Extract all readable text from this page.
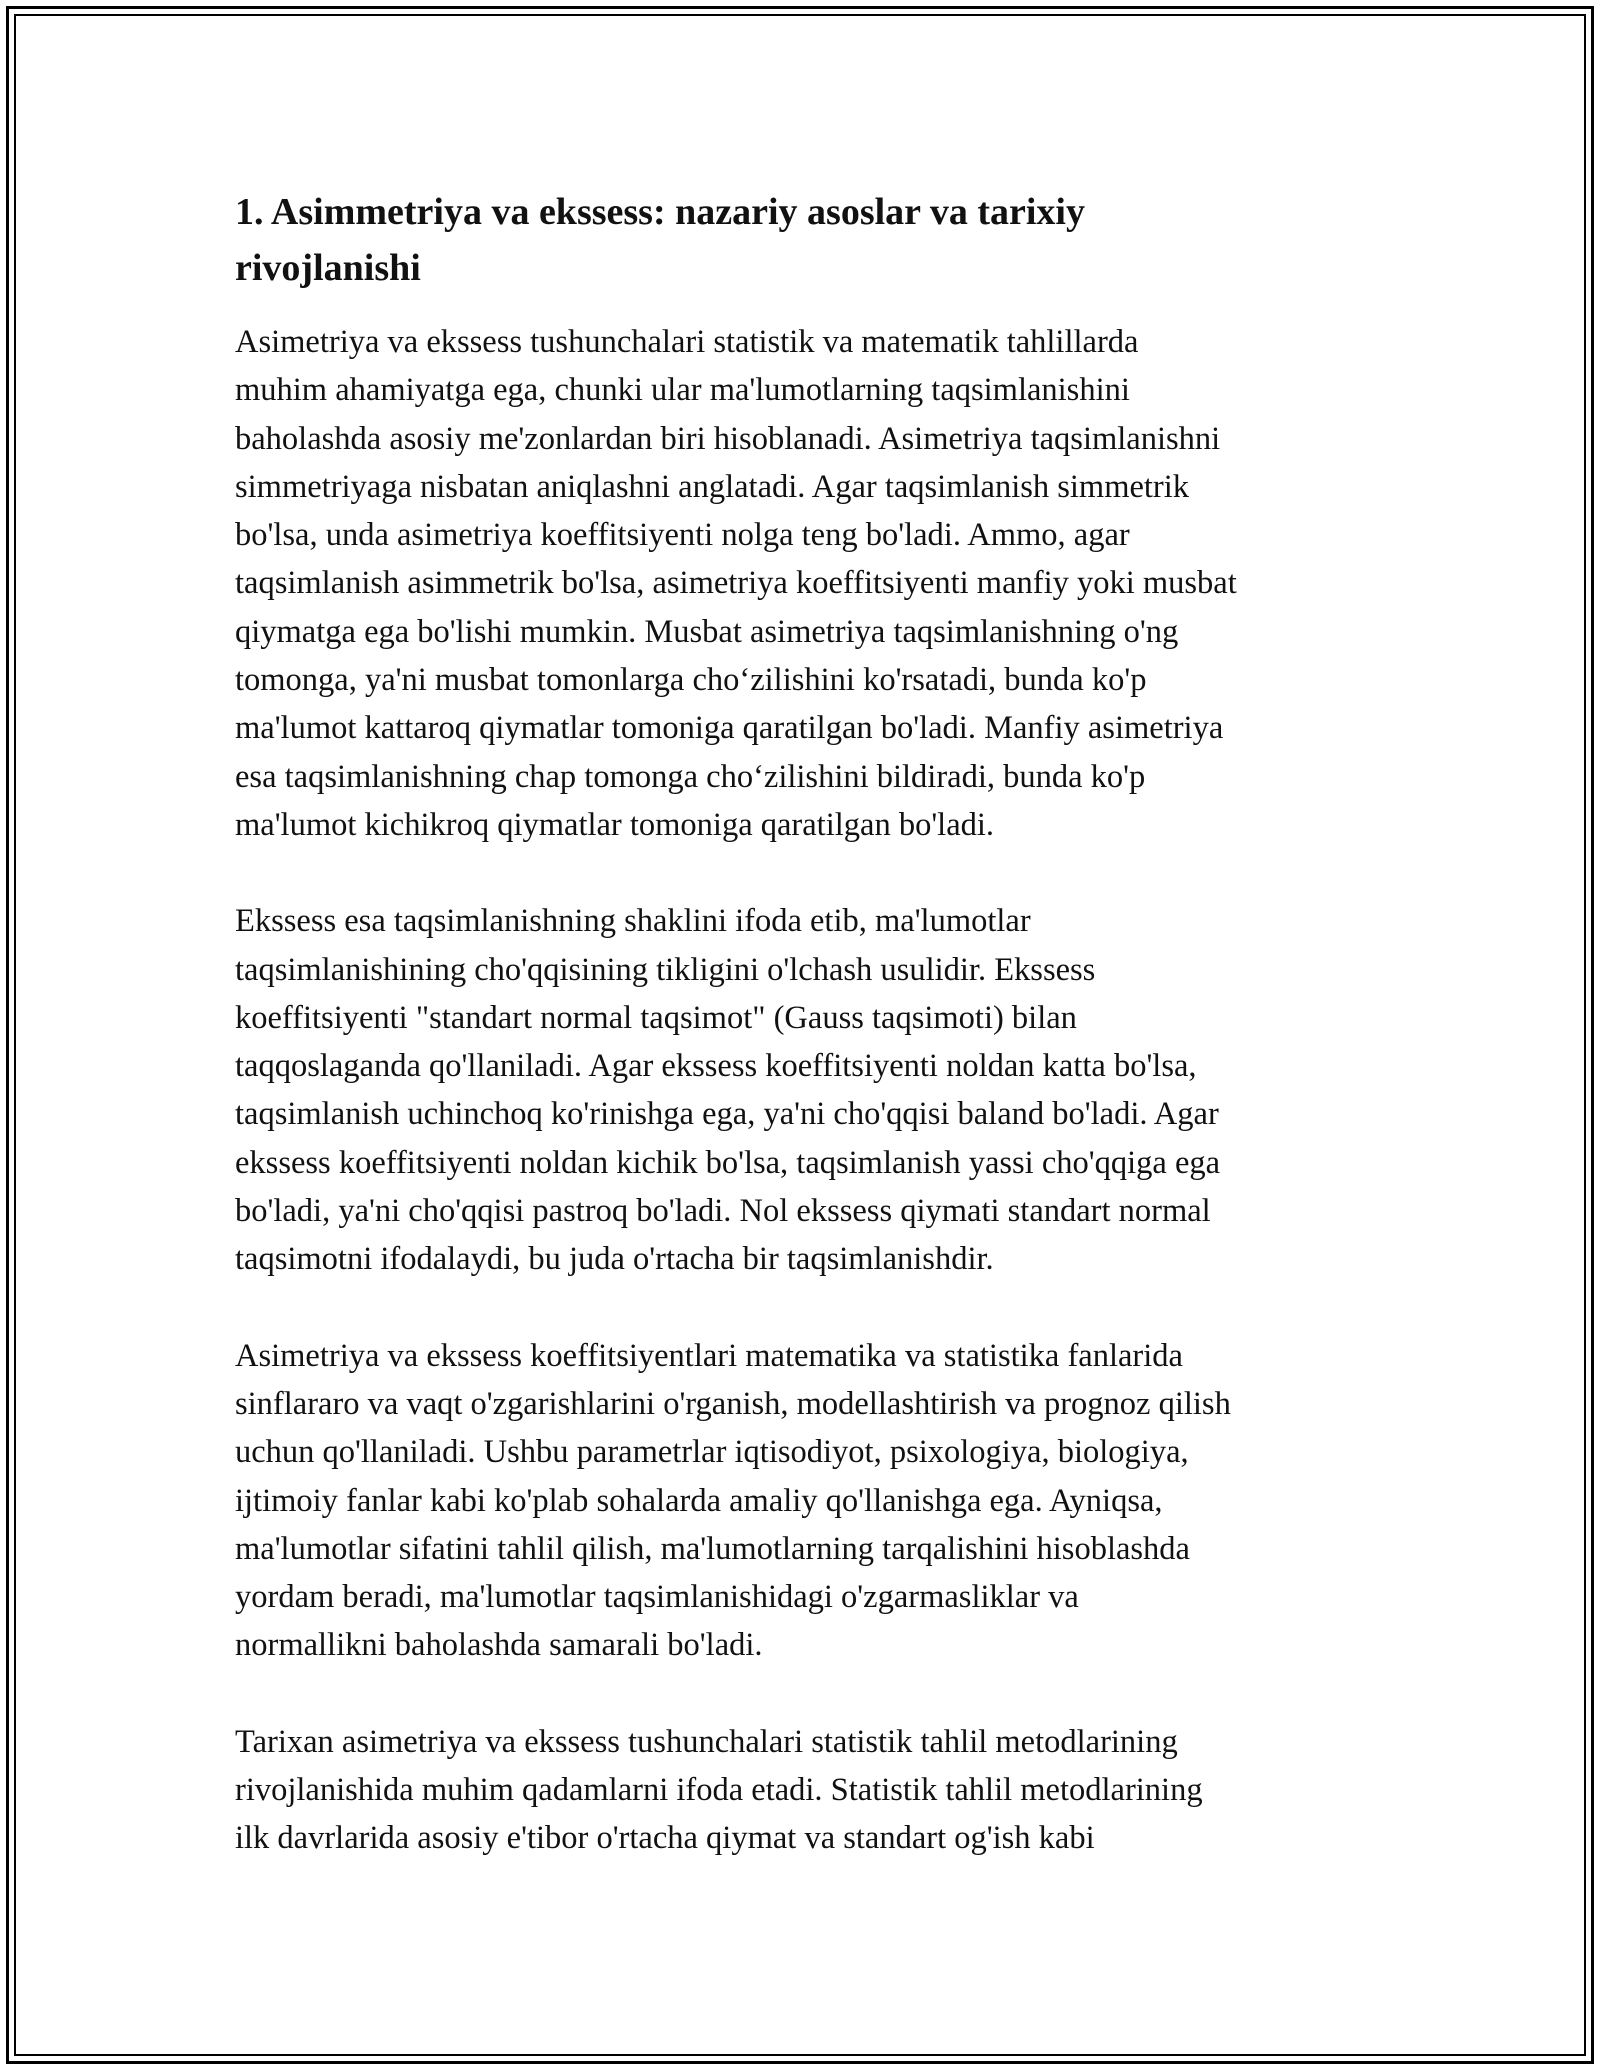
1. Asimmetriya va ekssess: nazariy asoslar va tarixiy
rivojlanishi

Asimetriya va ekssess tushunchalari statistik va matematik tahlillarda
muhim ahamiyatga ega, chunki ular ma'lumotlarning taqsimlanishini
baholashda asosiy me'zonlardan biri hisoblanadi. Asimetriya taqsimlanishni
simmetriyaga nisbatan aniqlashni anglatadi. Agar taqsimlanish simmetrik
bo'lsa, unda asimetriya koeffitsiyenti nolga teng bo'ladi. Ammo, agar
taqsimlanish asimmetrik bo'lsa, asimetriya koeffitsiyenti manfiy yoki musbat
qiymatga ega bo'lishi mumkin. Musbat asimetriya taqsimlanishning o'ng
tomonga, ya'ni musbat tomonlarga cho‘zilishini ko'rsatadi, bunda ko'p
ma'lumot kattaroq qiymatlar tomoniga qaratilgan bo'ladi. Manfiy asimetriya
esa taqsimlanishning chap tomonga cho‘zilishini bildiradi, bunda ko'p
ma'lumot kichikroq qiymatlar tomoniga qaratilgan bo'ladi.

Ekssess esa taqsimlanishning shaklini ifoda etib, ma'lumotlar
taqsimlanishining cho'qqisining tikligini o'lchash usulidir. Ekssess
koeffitsiyenti "standart normal taqsimot" (Gauss taqsimoti) bilan
taqqoslaganda qo'llaniladi. Agar ekssess koeffitsiyenti noldan katta bo'lsa,
taqsimlanish uchinchoq ko'rinishga ega, ya'ni cho'qqisi baland bo'ladi. Agar
ekssess koeffitsiyenti noldan kichik bo'lsa, taqsimlanish yassi cho'qqiga ega
bo'ladi, ya'ni cho'qqisi pastroq bo'ladi. Nol ekssess qiymati standart normal
taqsimotni ifodalaydi, bu juda o'rtacha bir taqsimlanishdir.

Asimetriya va ekssess koeffitsiyentlari matematika va statistika fanlarida
sinflararo va vaqt o'zgarishlarini o'rganish, modellashtirish va prognoz qilish
uchun qo'llaniladi. Ushbu parametrlar iqtisodiyot, psixologiya, biologiya,
ijtimoiy fanlar kabi ko'plab sohalarda amaliy qo'llanishga ega. Ayniqsa,
ma'lumotlar sifatini tahlil qilish, ma'lumotlarning tarqalishini hisoblashda
yordam beradi, ma'lumotlar taqsimlanishidagi o'zgarmasliklar va
normallikni baholashda samarali bo'ladi.

Tarixan asimetriya va ekssess tushunchalari statistik tahlil metodlarining
rivojlanishida muhim qadamlarni ifoda etadi. Statistik tahlil metodlarining
ilk davrlarida asosiy e'tibor o'rtacha qiymat va standart og'ish kabi
